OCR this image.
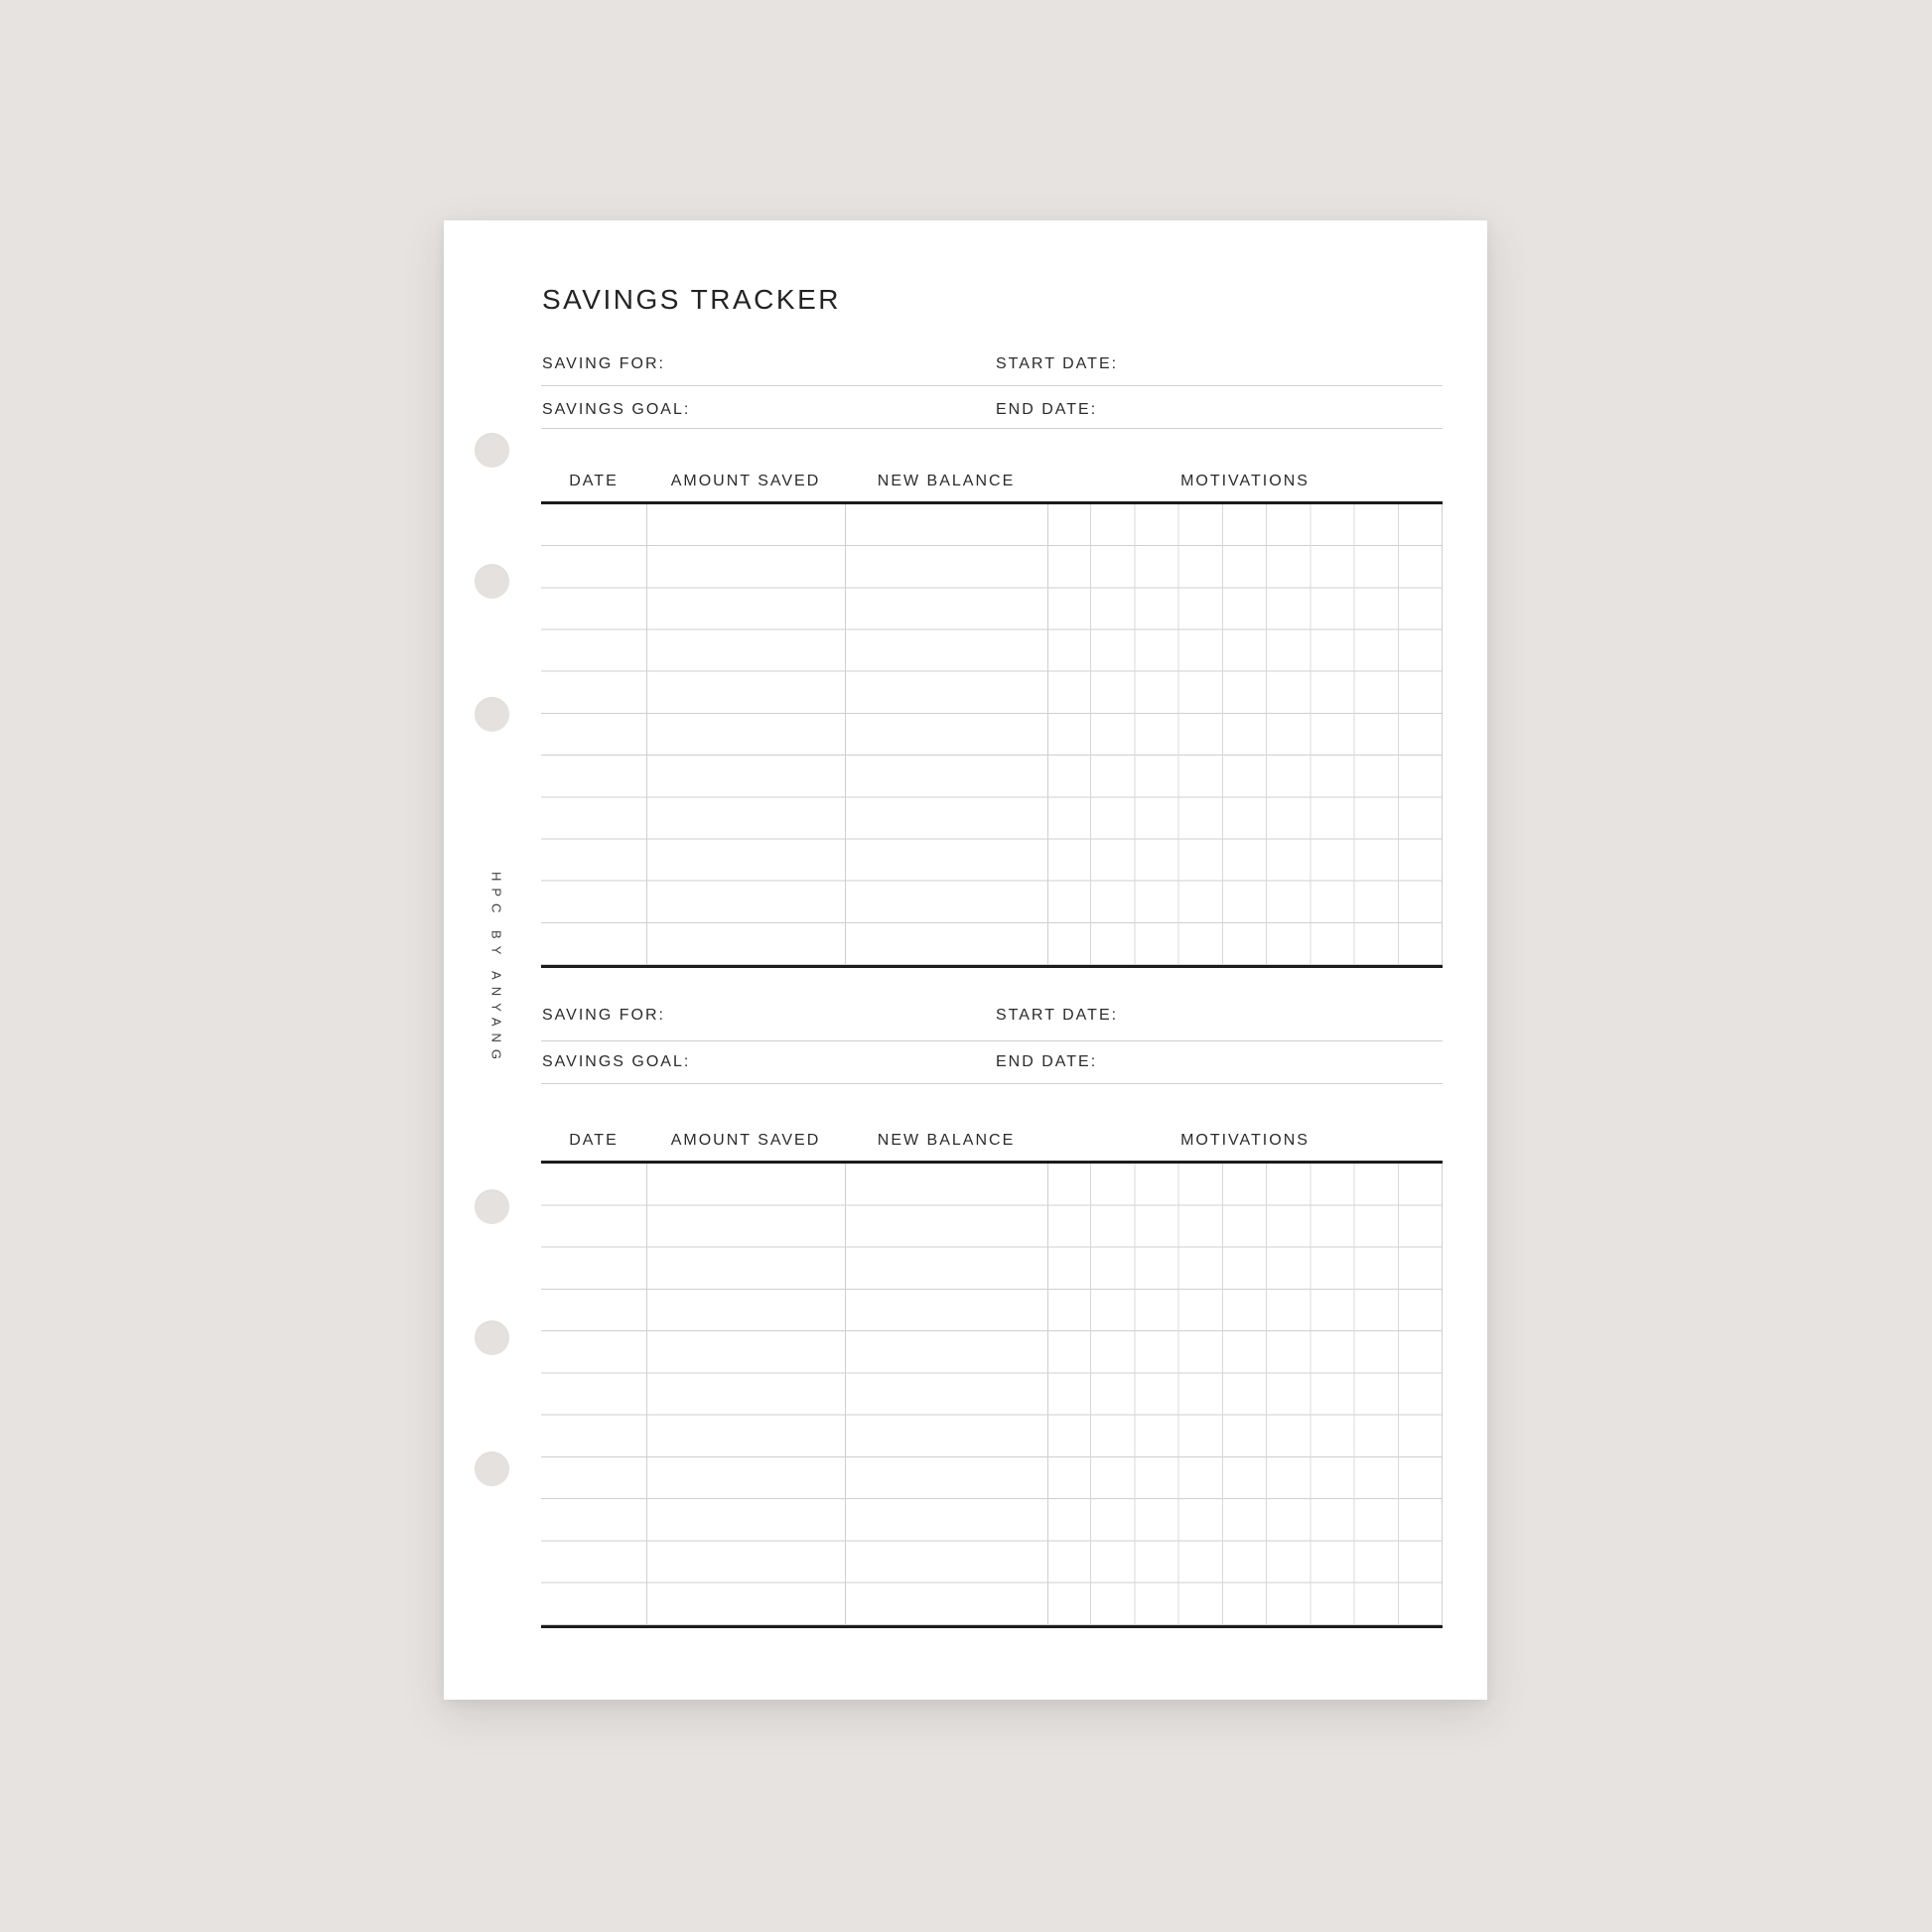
HPC BY ANYANG
SAVINGS TRACKER
SAVING FOR:	START DATE:
SAVINGS GOAL:	END DATE:
DATE	AMOUNT SAVED	NEW BALANCE	MOTIVATIONS
SAVING FOR:	START DATE:
SAVINGS GOAL:	END DATE:
DATE	AMOUNT SAVED	NEW BALANCE	MOTIVATIONS
